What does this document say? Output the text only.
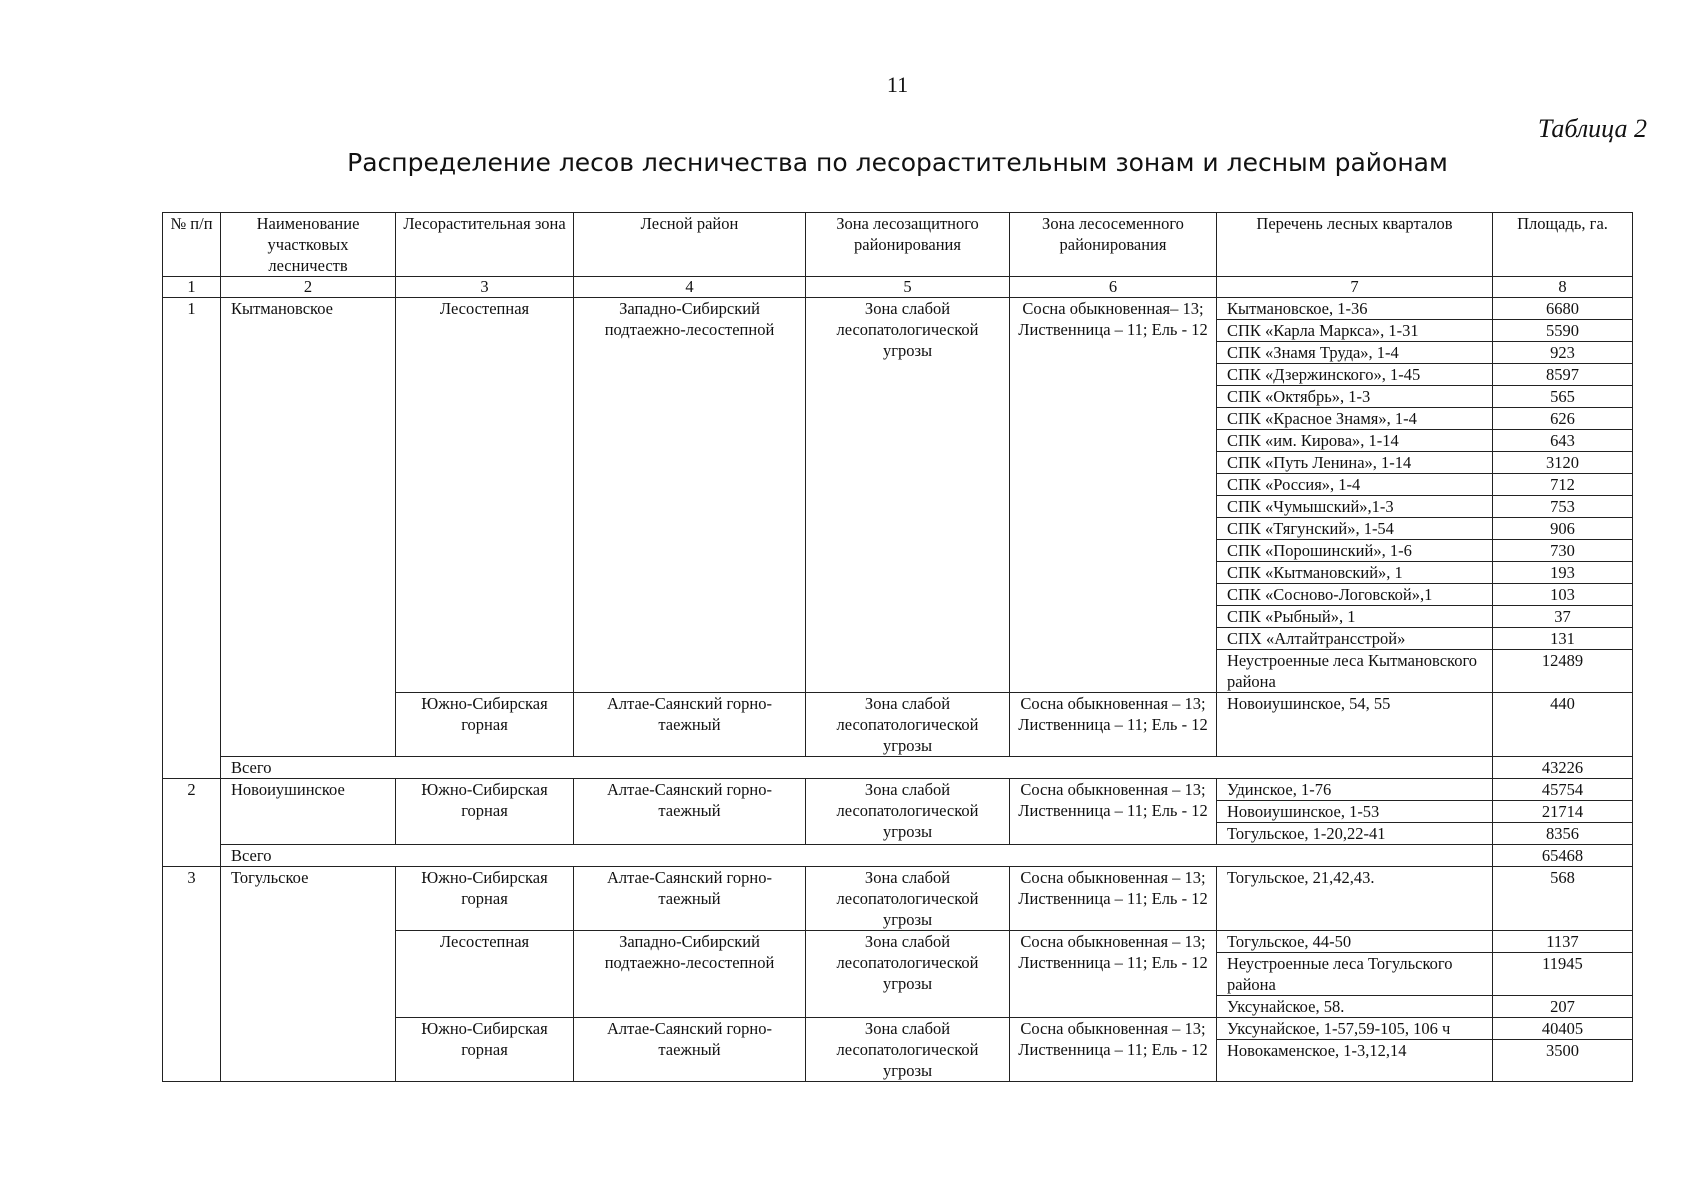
11
Таблица 2
Распределение лесов лесничества по лесорастительным зонам и лесным районам
№ п/п	Наименование участковых лесничеств	Лесорастительная зона	Лесной район	Зона лесозащитного районирования	Зона лесосеменного районирования	Перечень лесных кварталов	Площадь, га.
1	2	3	4	5	6	7	8
1	Кытмановское	Лесостепная	Западно-Сибирский подтаежно-лесостепной	Зона слабой лесопатологической угрозы	Сосна обыкновенная– 13; Лиственница – 11; Ель - 12	Кытмановское, 1-36	6680
						СПК «Карла Маркса», 1-31	5590
						СПК «Знамя Труда», 1-4	923
						СПК «Дзержинского», 1-45	8597
						СПК «Октябрь», 1-3	565
						СПК «Красное Знамя», 1-4	626
						СПК «им. Кирова», 1-14	643
						СПК «Путь Ленина», 1-14	3120
						СПК «Россия», 1-4	712
						СПК «Чумышский»,1-3	753
						СПК «Тягунский», 1-54	906
						СПК «Порошинский», 1-6	730
						СПК «Кытмановский», 1	193
						СПК «Сосново-Логовской»,1	103
						СПК «Рыбный», 1	37
						СПХ «Алтайтрансстрой»	131
						Неустроенные леса Кытмановского района	12489
		Южно-Сибирская горная	Алтае-Саянский горно-таежный	Зона слабой лесопатологической угрозы	Сосна обыкновенная – 13; Лиственница – 11; Ель - 12	Новоиушинское, 54, 55	440
	Всего						43226
2	Новоиушинское	Южно-Сибирская горная	Алтае-Саянский горно-таежный	Зона слабой лесопатологической угрозы	Сосна обыкновенная – 13; Лиственница – 11; Ель - 12	Удинское, 1-76	45754
						Новоиушинское, 1-53	21714
						Тогульское, 1-20,22-41	8356
	Всего						65468
3	Тогульское	Южно-Сибирская горная	Алтае-Саянский горно-таежный	Зона слабой лесопатологической угрозы	Сосна обыкновенная – 13; Лиственница – 11; Ель - 12	Тогульское, 21,42,43.	568
		Лесостепная	Западно-Сибирский подтаежно-лесостепной	Зона слабой лесопатологической угрозы	Сосна обыкновенная – 13; Лиственница – 11; Ель - 12	Тогульское, 44-50	1137
						Неустроенные леса Тогульского района	11945
						Уксунайское, 58.	207
		Южно-Сибирская горная	Алтае-Саянский горно-таежный	Зона слабой лесопатологической угрозы	Сосна обыкновенная – 13; Лиственница – 11; Ель - 12	Уксунайское, 1-57,59-105, 106 ч	40405
						Новокаменское, 1-3,12,14	3500
